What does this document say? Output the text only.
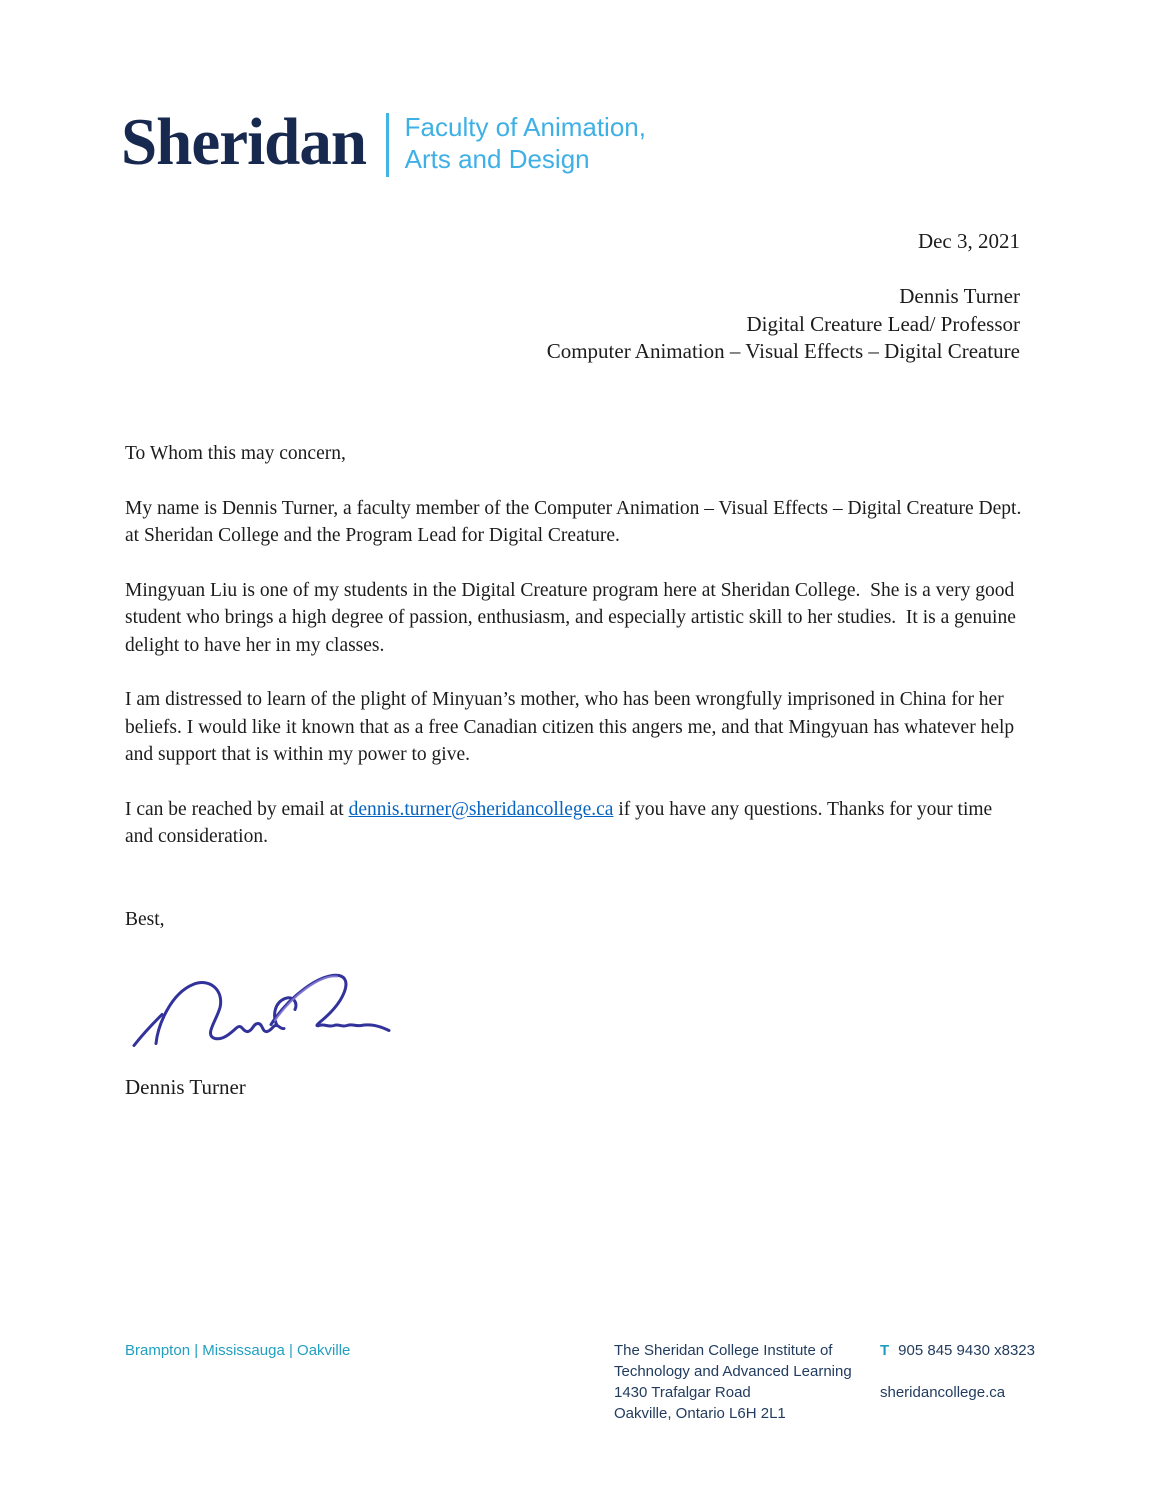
Sheridan Faculty of Animation,
Arts and Design
Dec 3, 2021
Dennis Turner
Digital Creature Lead/ Professor
Computer Animation – Visual Effects – Digital Creature

To Whom this may concern,

My name is Dennis Turner, a faculty member of the Computer Animation – Visual Effects – Digital Creature Dept. at Sheridan College and the Program Lead for Digital Creature.

Mingyuan Liu is one of my students in the Digital Creature program here at Sheridan College.  She is a very good student who brings a high degree of passion, enthusiasm, and especially artistic skill to her studies.  It is a genuine delight to have her in my classes.

I am distressed to learn of the plight of Minyuan’s mother, who has been wrongfully imprisoned in China for her beliefs. I would like it known that as a free Canadian citizen this angers me, and that Mingyuan has whatever help and support that is within my power to give.

I can be reached by email at dennis.turner@sheridancollege.ca if you have any questions. Thanks for your time and consideration.

Best,

Dennis Turner
Brampton | Mississauga | Oakville	The Sheridan College Institute of
Technology and Advanced Learning
1430 Trafalgar Road
Oakville, Ontario L6H 2L1
T 905 845 9430 x8323
sheridancollege.ca
